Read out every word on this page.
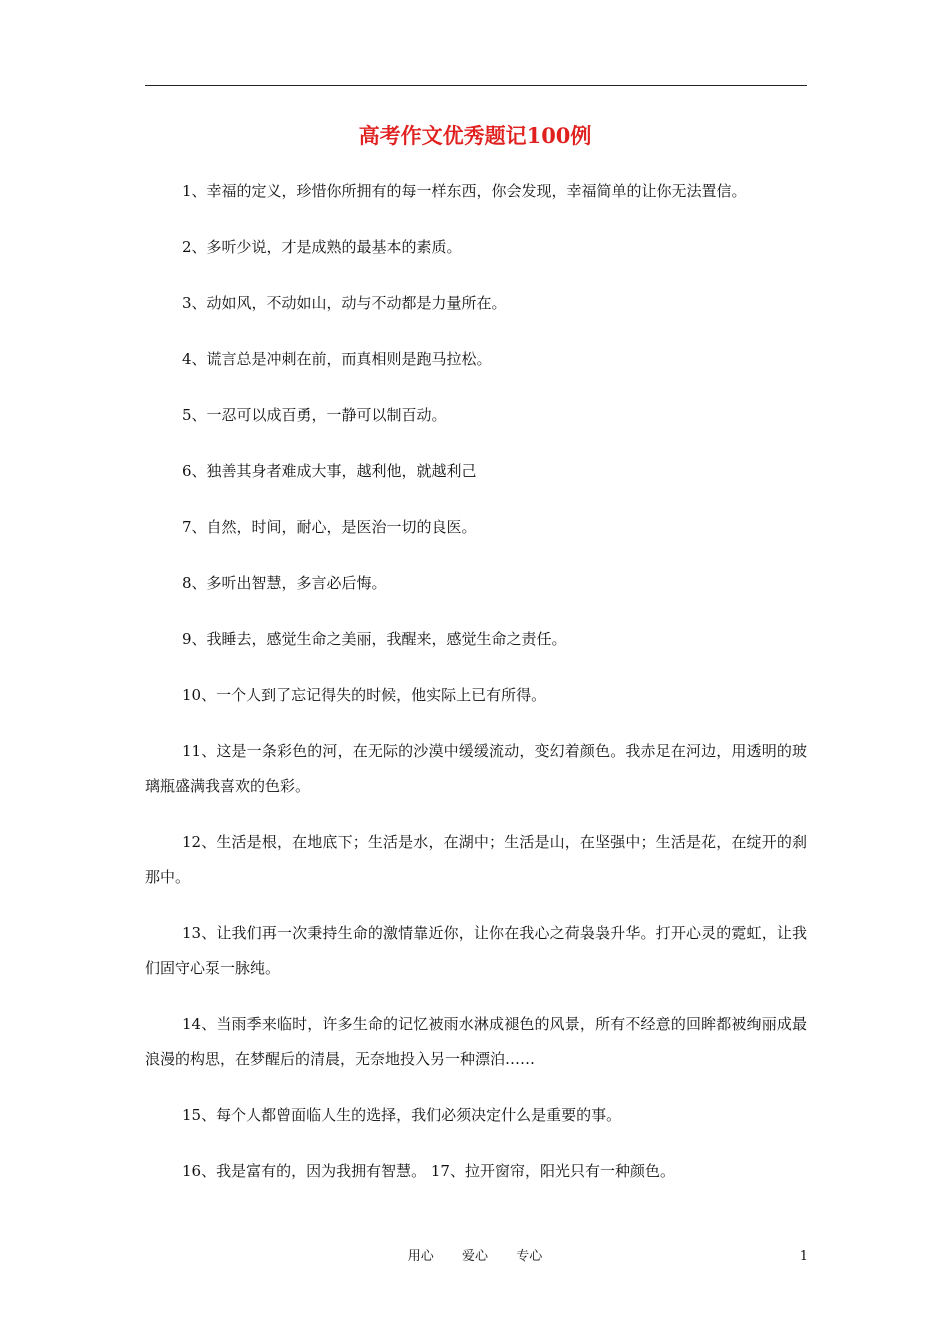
高考作文优秀题记100例

1、幸福的定义，珍惜你所拥有的每一样东西，你会发现，幸福简单的让你无法置信。

2、多听少说，才是成熟的最基本的素质。

3、动如风，不动如山，动与不动都是力量所在。

4、谎言总是冲刺在前，而真相则是跑马拉松。

5、一忍可以成百勇，一静可以制百动。

6、独善其身者难成大事，越利他，就越利己

7、自然，时间，耐心，是医治一切的良医。

8、多听出智慧，多言必后悔。

9、我睡去，感觉生命之美丽，我醒来，感觉生命之责任。

10、一个人到了忘记得失的时候，他实际上已有所得。

11、这是一条彩色的河，在无际的沙漠中缓缓流动，变幻着颜色。我赤足在河边，用透明的玻璃瓶盛满我喜欢的色彩。

12、生活是根，在地底下；生活是水，在湖中；生活是山，在坚强中；生活是花，在绽开的刹那中。

13、让我们再一次秉持生命的激情靠近你，让你在我心之荷袅袅升华。打开心灵的霓虹，让我们固守心泵一脉纯。

14、当雨季来临时，许多生命的记忆被雨水淋成褪色的风景，所有不经意的回眸都被绚丽成最浪漫的构思，在梦醒后的清晨，无奈地投入另一种漂泊……

15、每个人都曾面临人生的选择，我们必须决定什么是重要的事。

16、我是富有的，因为我拥有智慧。 17、拉开窗帘，阳光只有一种颜色。

用心  爱心  专心	1
